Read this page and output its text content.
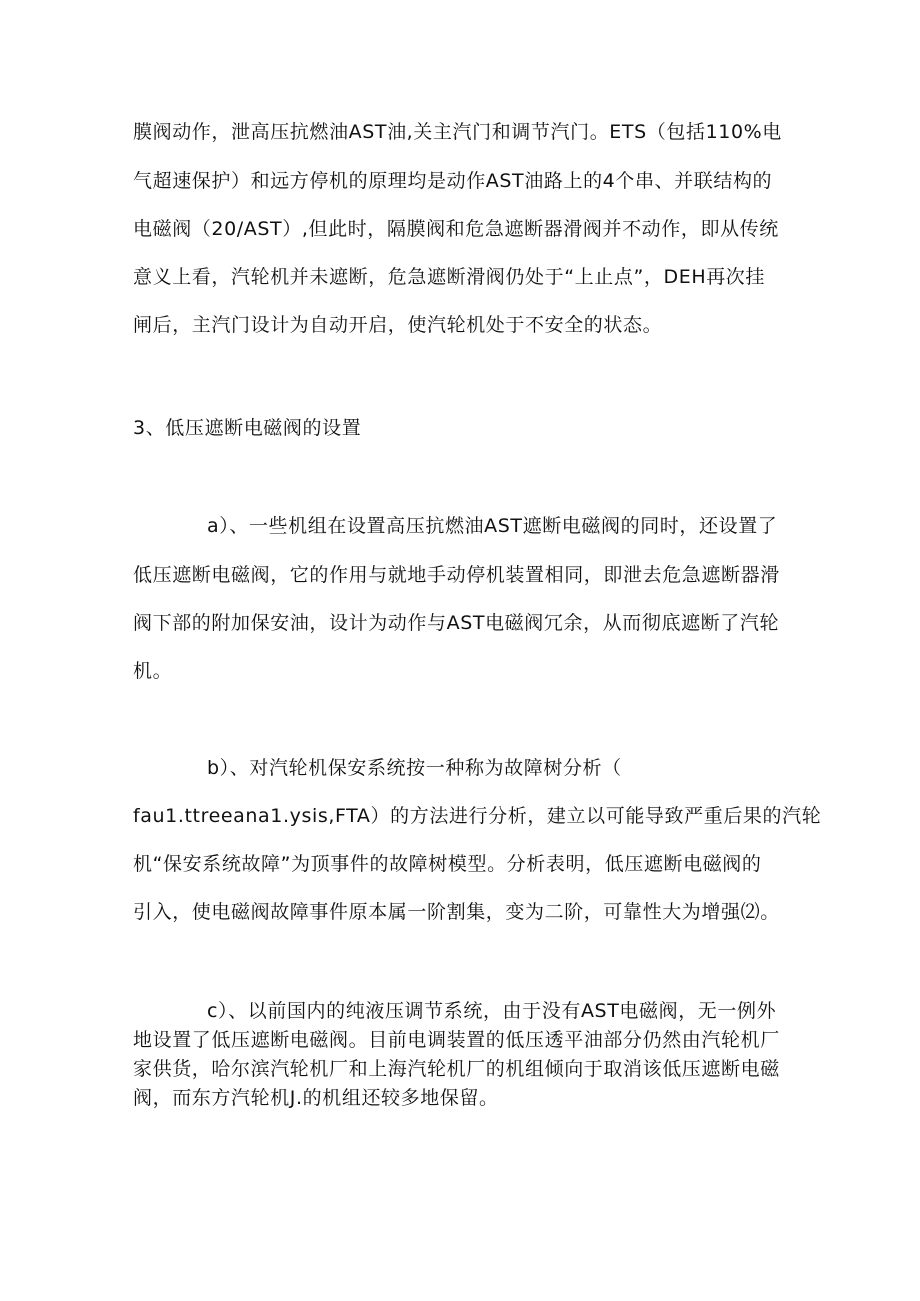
膜阀动作，泄高压抗燃油AST油,关主汽门和调节汽门。ETS（包括110%电
气超速保护）和远方停机的原理均是动作AST油路上的4个串、并联结构的
电磁阀（20/AST）,但此时，隔膜阀和危急遮断器滑阀并不动作，即从传统
意义上看，汽轮机并未遮断，危急遮断滑阀仍处于“上止点”，DEH再次挂
闸后，主汽门设计为自动开启，使汽轮机处于不安全的状态。
3、低压遮断电磁阀的设置
a）、一些机组在设置高压抗燃油AST遮断电磁阀的同时，还设置了
低压遮断电磁阀，它的作用与就地手动停机装置相同，即泄去危急遮断器滑
阀下部的附加保安油，设计为动作与AST电磁阀冗余，从而彻底遮断了汽轮
机。
b）、对汽轮机保安系统按一种称为故障树分析（
fau1.ttreeana1.ysis,FTA）的方法进行分析，建立以可能导致严重后果的汽轮
机“保安系统故障”为顶事件的故障树模型。分析表明，低压遮断电磁阀的
引入，使电磁阀故障事件原本属一阶割集，变为二阶，可靠性大为增强⑵。
c）、以前国内的纯液压调节系统，由于没有AST电磁阀，无一例外
地设置了低压遮断电磁阀。目前电调装置的低压透平油部分仍然由汽轮机厂
家供货，哈尔滨汽轮机厂和上海汽轮机厂的机组倾向于取消该低压遮断电磁
阀，而东方汽轮机J.的机组还较多地保留。
